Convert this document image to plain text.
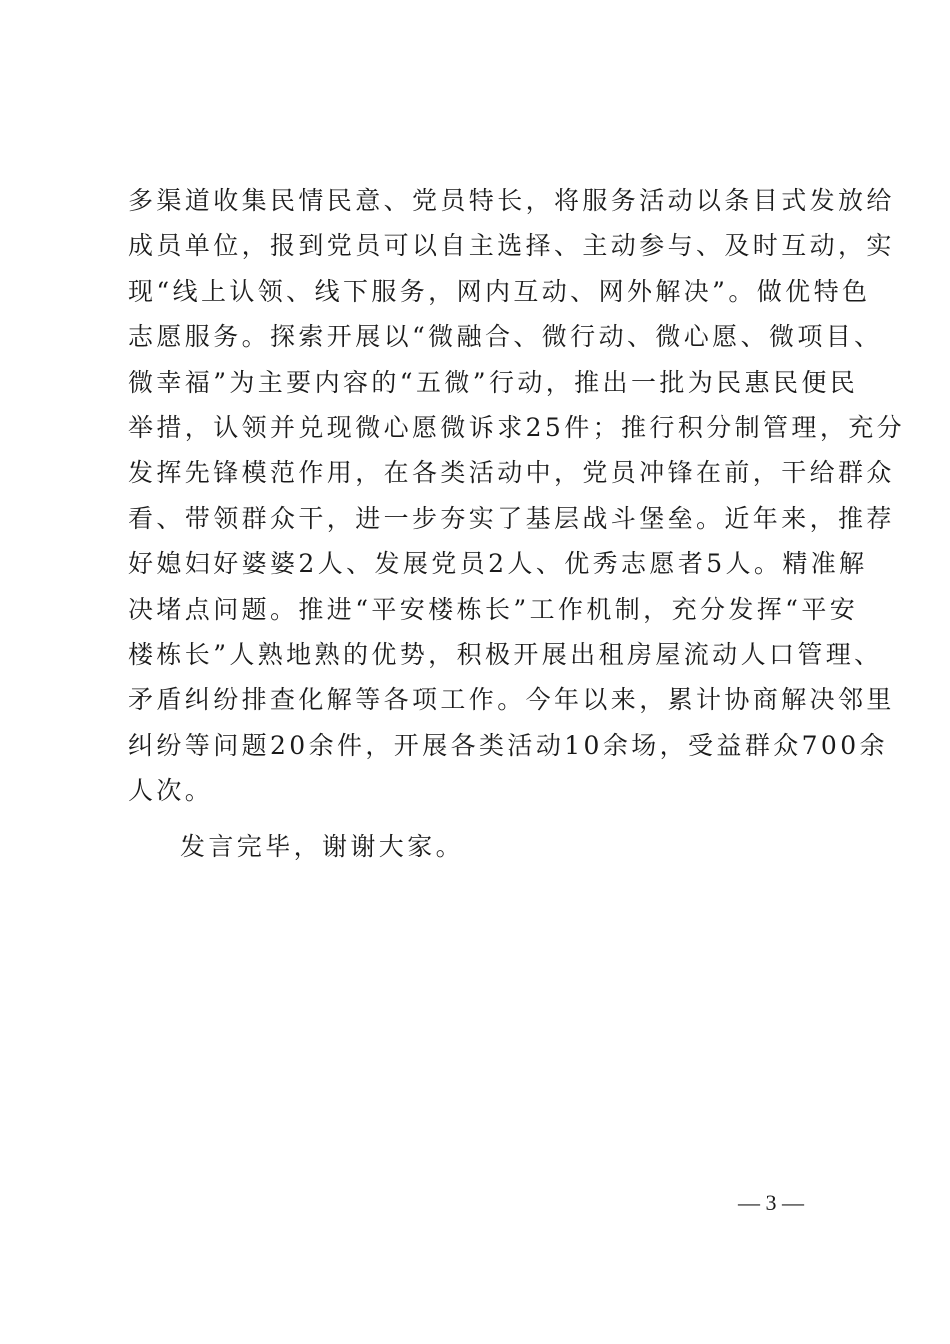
多渠道收集民情民意、党员特长，将服务活动以条目式发放给
成员单位，报到党员可以自主选择、主动参与、及时互动，实
现“线上认领、线下服务，网内互动、网外解决”。做优特色
志愿服务。探索开展以“微融合、微行动、微心愿、微项目、
微幸福”为主要内容的“五微”行动，推出一批为民惠民便民
举措，认领并兑现微心愿微诉求25件；推行积分制管理，充分
发挥先锋模范作用，在各类活动中，党员冲锋在前，干给群众
看、带领群众干，进一步夯实了基层战斗堡垒。近年来，推荐
好媳妇好婆婆2人、发展党员2人、优秀志愿者5人。精准解
决堵点问题。推进“平安楼栋长”工作机制，充分发挥“平安
楼栋长”人熟地熟的优势，积极开展出租房屋流动人口管理、
矛盾纠纷排查化解等各项工作。今年以来，累计协商解决邻里
纠纷等问题20余件，开展各类活动10余场，受益群众700余
人次。
发言完毕，谢谢大家。
— 3 —
